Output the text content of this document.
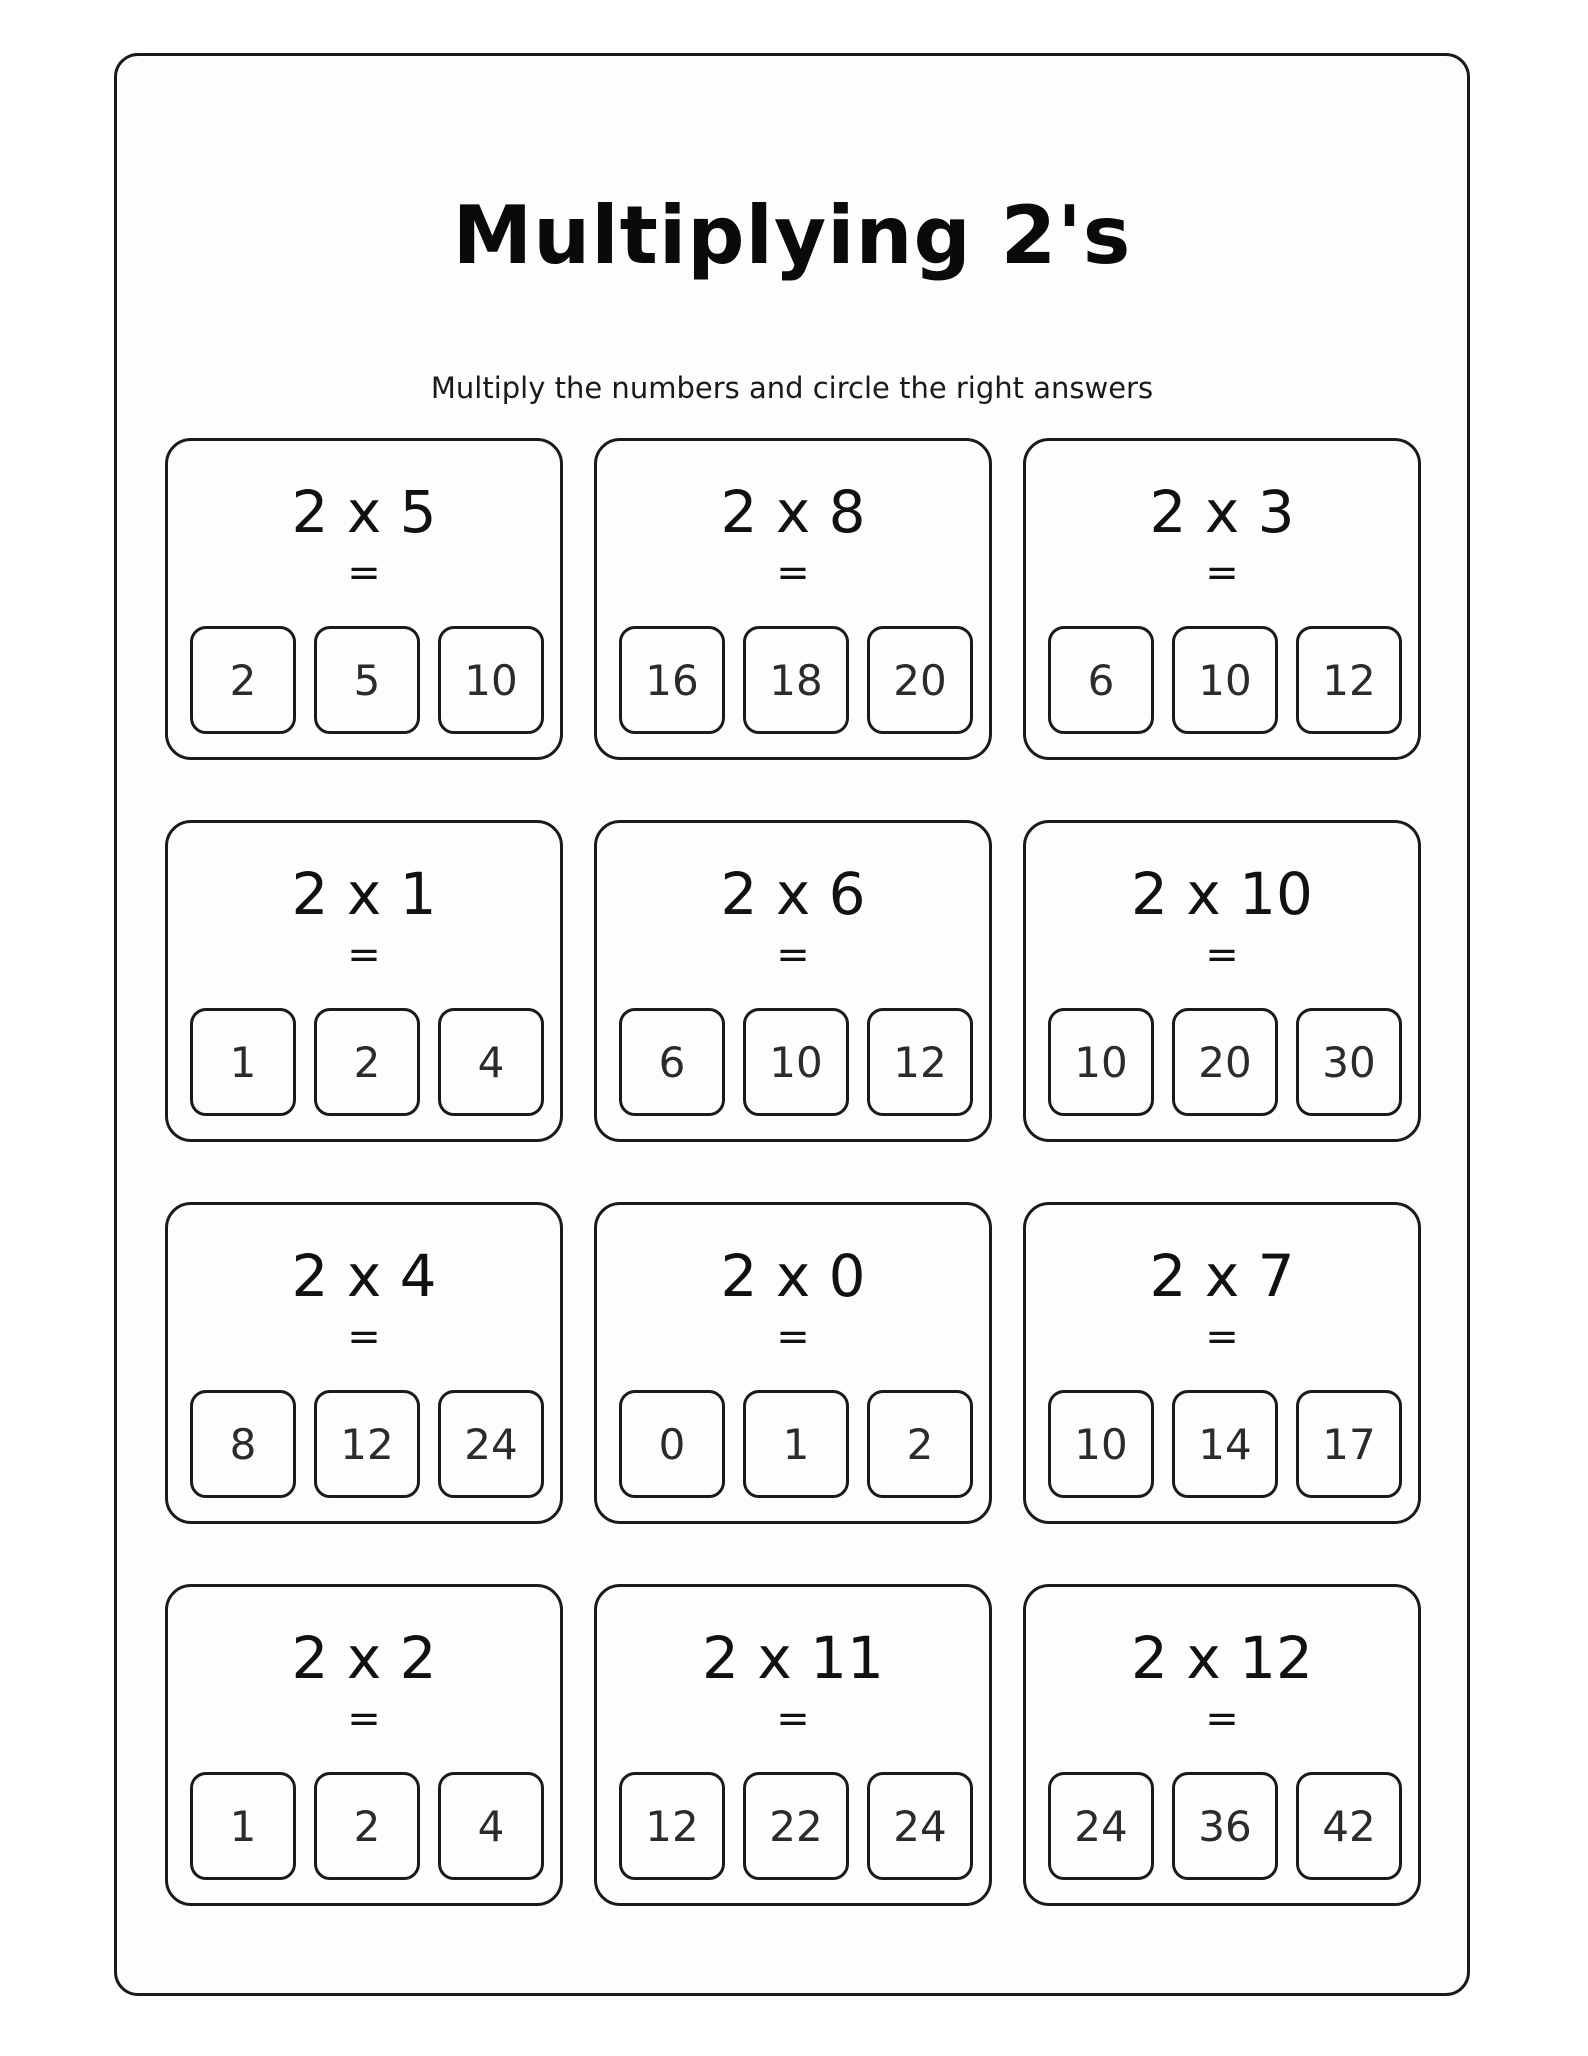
Multiplying 2's
Multiply the numbers and circle the right answers
2 x 5
=
2	5	10
2 x 8
=
16	18	20
2 x 3
=
6	10	12
2 x 1
=
1	2	4
2 x 6
=
6	10	12
2 x 10
=
10	20	30
2 x 4
=
8	12	24
2 x 0
=
0	1	2
2 x 7
=
10	14	17
2 x 2
=
1	2	4
2 x 11
=
12	22	24
2 x 12
=
24	36	42
